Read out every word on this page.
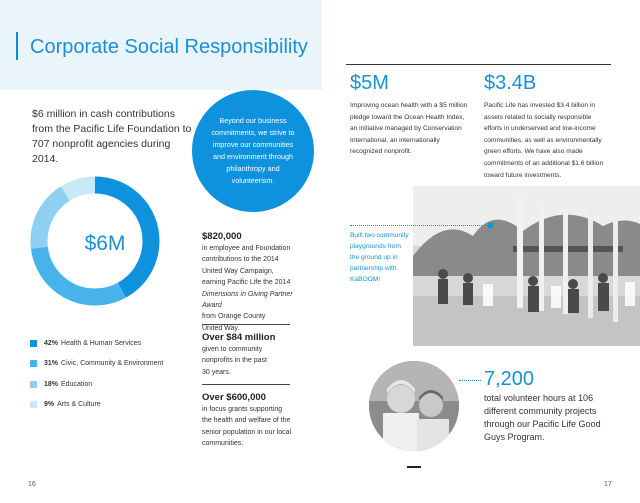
Corporate Social Responsibility
$6 million in cash contributions from the Pacific Life Foundation to 707 nonprofit agencies during 2014.
Beyond our business commitments, we strive to improve our communities and environment through philanthropy and volunteerism.
$6M
42% Health & Human Services
31% Civic, Community & Environment
18% Education
9% Arts & Culture
$820,000
in employee and Foundation
contributions to the 2014
United Way Campaign,
earning Pacific Life the 2014
Dimensions in Giving Partner Award
from Orange County
United Way.
Over $84 million
given to community
nonprofits in the past
30 years.
Over $600,000
in focus grants supporting
the health and welfare of the
senior population in our local
communities.
$5M
Improving ocean health with a $5 million pledge toward the Ocean Health Index, an initiative managed by Conservation International, an internationally recognized nonprofit.
$3.4B
Pacific Life has invested $3.4 billion in assets related to socially responsible efforts in underserved and low-income communities, as well as environmentally green efforts. We have also made commitments of an additional $1.6 billion toward future investments.
Built two community playgrounds from the ground up in partnership with KaBOOM!
7,200
total volunteer hours at 106 different community projects through our Pacific Life Good Guys Program.
16	17
